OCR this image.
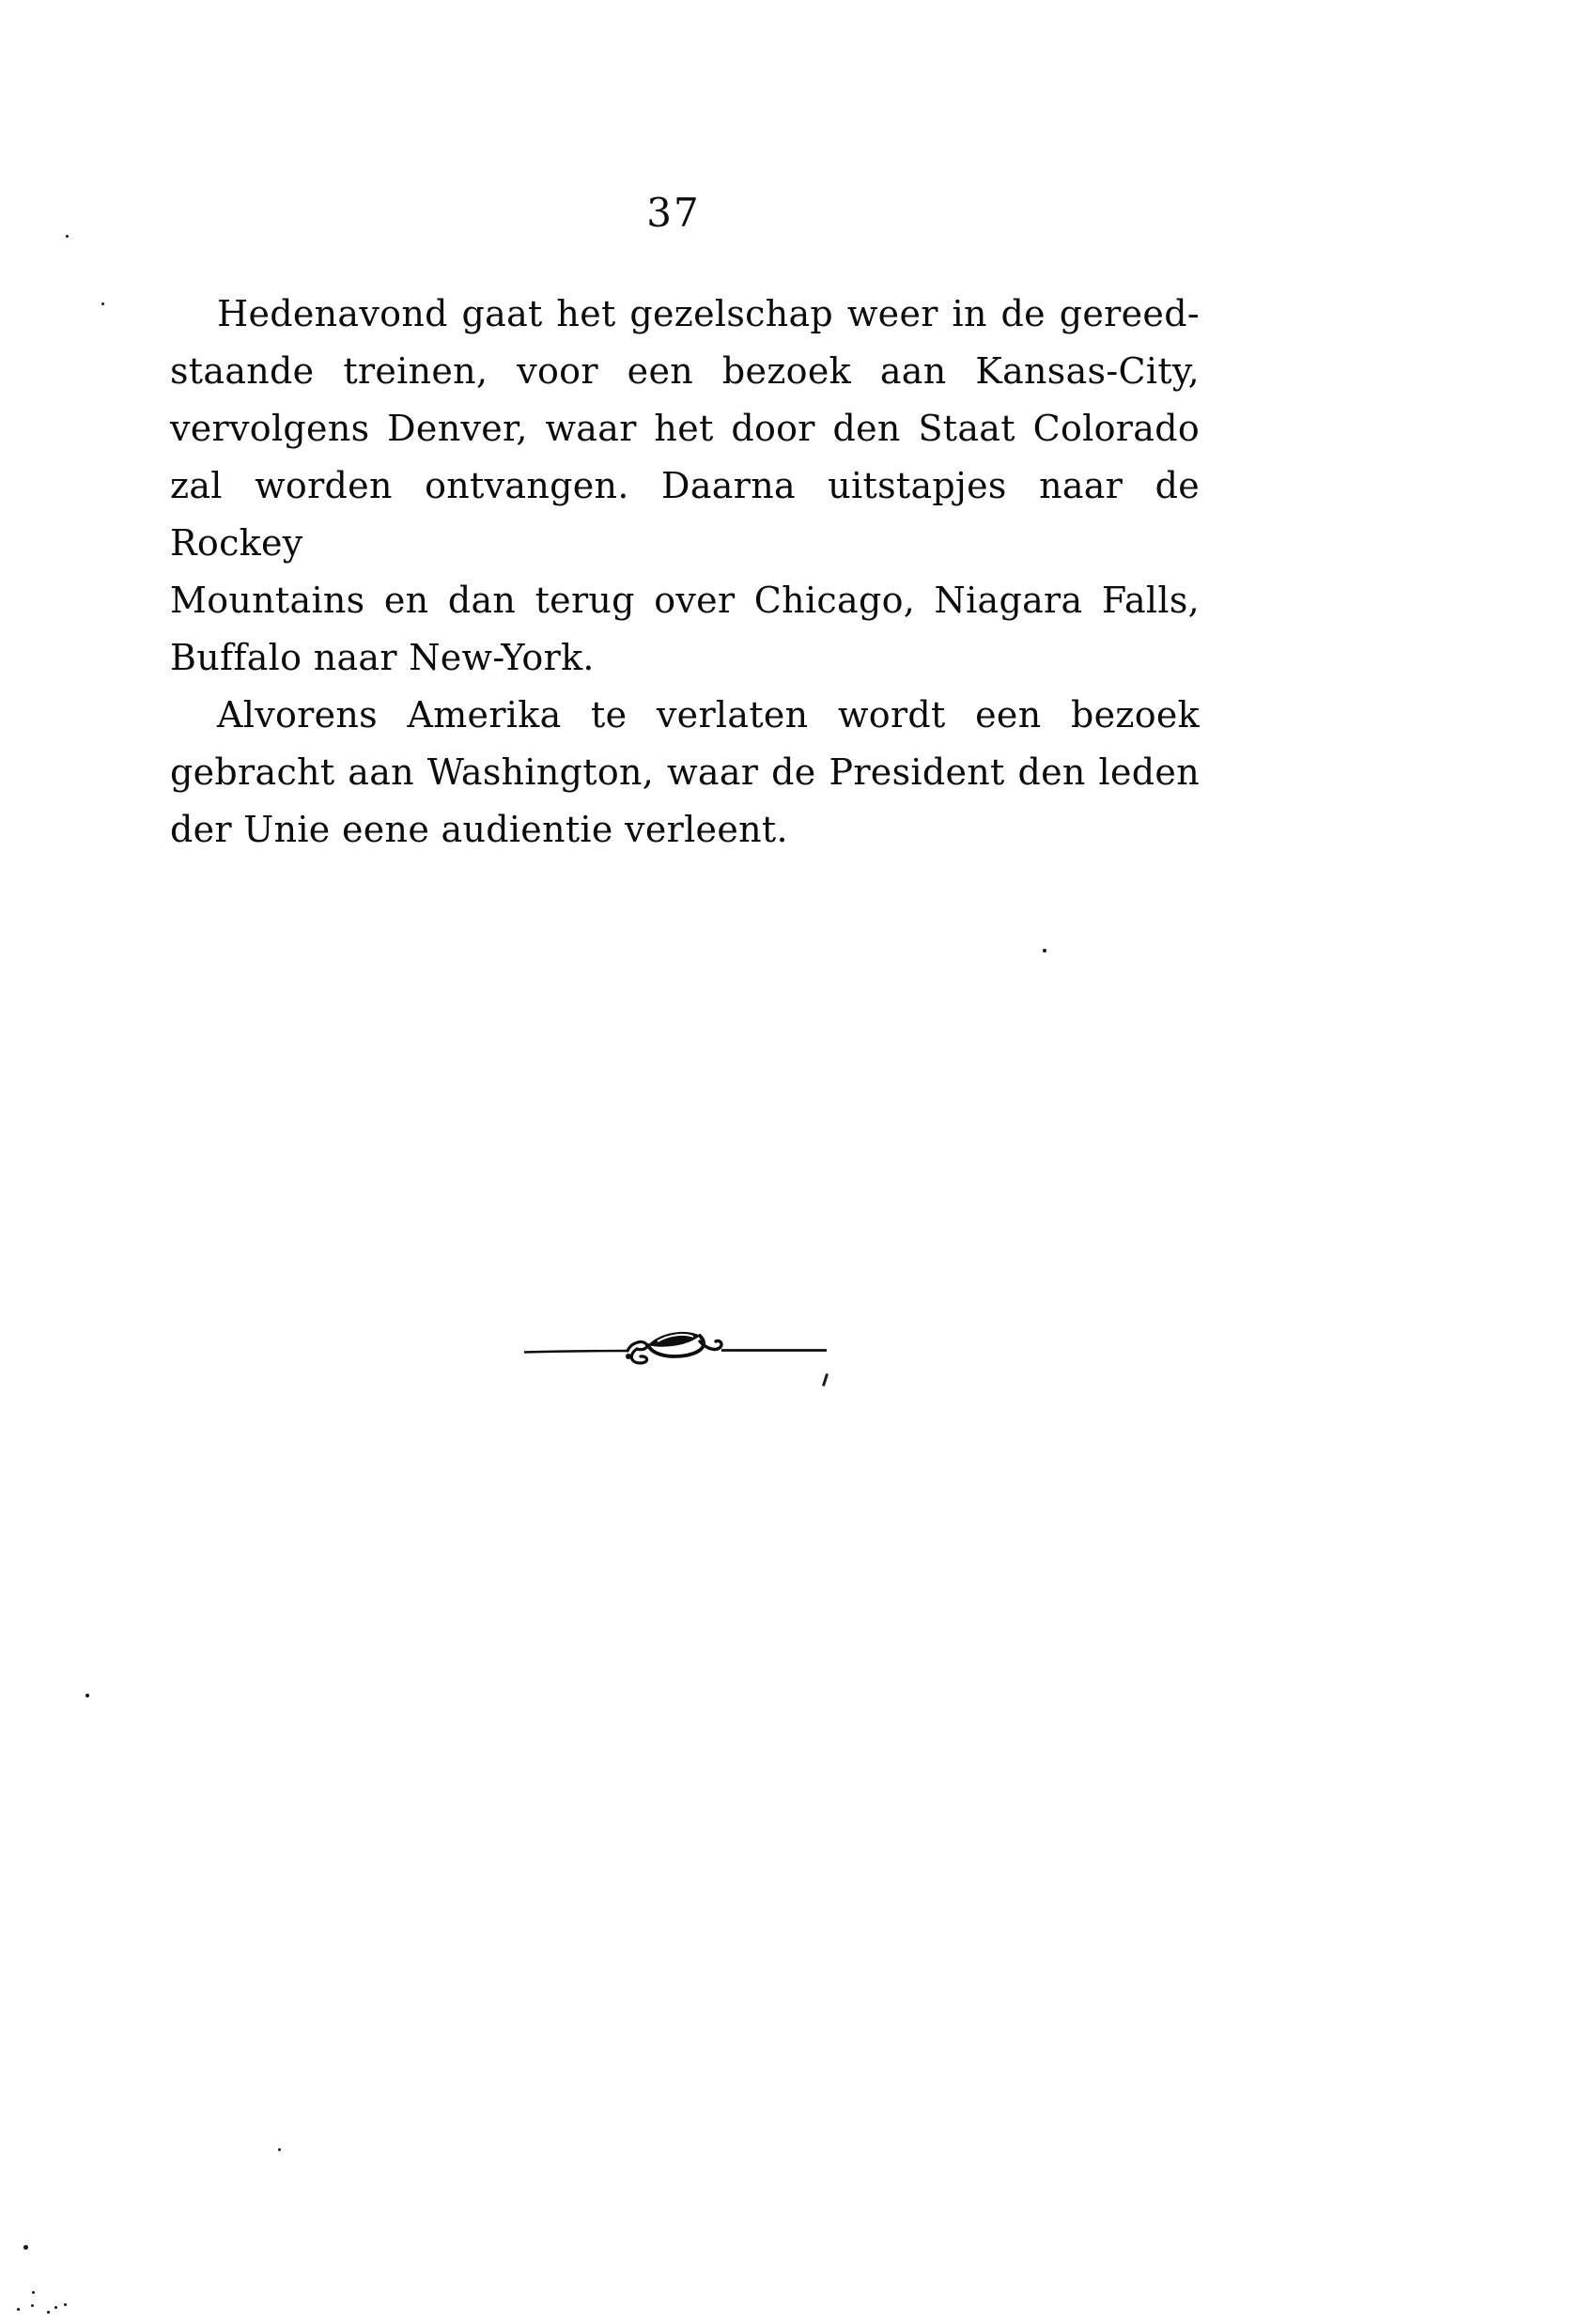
37
Hedenavond gaat het gezelschap weer in de gereed-
staande treinen, voor een bezoek aan Kansas-City,
vervolgens Denver, waar het door den Staat Colorado
zal worden ontvangen. Daarna uitstapjes naar de Rockey
Mountains en dan terug over Chicago, Niagara Falls,
Buffalo naar New-York.
Alvorens Amerika te verlaten wordt een bezoek
gebracht aan Washington, waar de President den leden
der Unie eene audientie verleent.
